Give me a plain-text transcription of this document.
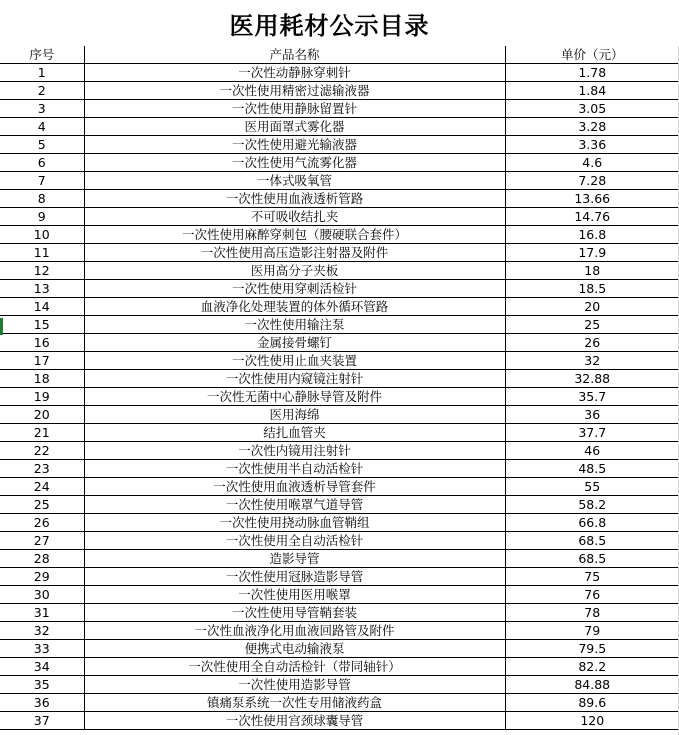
医用耗材公示目录
序号	产品名称	单价（元）
1	一次性动静脉穿刺针	1.78
2	一次性使用精密过滤输液器	1.84
3	一次性使用静脉留置针	3.05
4	医用面罩式雾化器	3.28
5	一次性使用避光输液器	3.36
6	一次性使用气流雾化器	4.6
7	一体式吸氧管	7.28
8	一次性使用血液透析管路	13.66
9	不可吸收结扎夹	14.76
10	一次性使用麻醉穿刺包（腰硬联合套件）	16.8
11	一次性使用高压造影注射器及附件	17.9
12	医用高分子夹板	18
13	一次性使用穿刺活检针	18.5
14	血液净化处理装置的体外循环管路	20
15	一次性使用输注泵	25
16	金属接骨螺钉	26
17	一次性使用止血夹装置	32
18	一次性使用内窥镜注射针	32.88
19	一次性无菌中心静脉导管及附件	35.7
20	医用海绵	36
21	结扎血管夹	37.7
22	一次性内镜用注射针	46
23	一次性使用半自动活检针	48.5
24	一次性使用血液透析导管套件	55
25	一次性使用喉罩气道导管	58.2
26	一次性使用挠动脉血管鞘组	66.8
27	一次性使用全自动活检针	68.5
28	造影导管	68.5
29	一次性使用冠脉造影导管	75
30	一次性使用医用喉罩	76
31	一次性使用导管鞘套装	78
32	一次性血液净化用血液回路管及附件	79
33	便携式电动输液泵	79.5
34	一次性使用全自动活检针（带同轴针）	82.2
35	一次性使用造影导管	84.88
36	镇痛泵系统一次性专用储液药盒	89.6
37	一次性使用宫颈球囊导管	120
